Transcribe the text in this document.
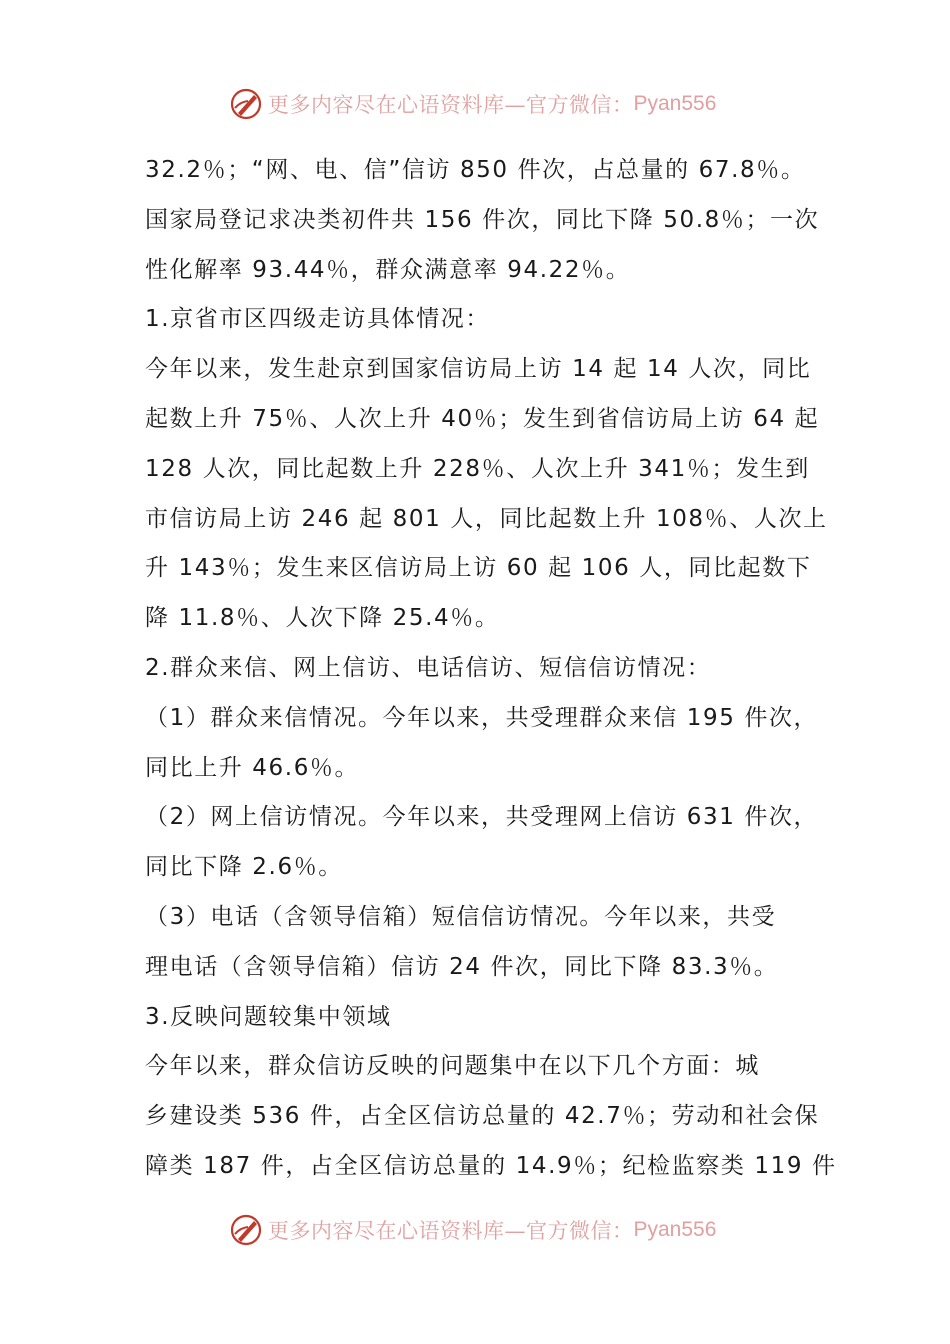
更多内容尽在心语资料库—官方微信： Pyan556
32.2％；“网、电、信”信访 850 件次，占总量的 67.8％。
国家局登记求决类初件共 156 件次，同比下降 50.8％；一次
性化解率 93.44％，群众满意率 94.22％。
1.京省市区四级走访具体情况：
今年以来，发生赴京到国家信访局上访 14 起 14 人次，同比
起数上升 75％、人次上升 40％；发生到省信访局上访 64 起
128 人次，同比起数上升 228％、人次上升 341％；发生到
市信访局上访 246 起 801 人，同比起数上升 108％、人次上
升 143％；发生来区信访局上访 60 起 106 人，同比起数下
降 11.8％、人次下降 25.4％。
2.群众来信、网上信访、电话信访、短信信访情况：
（1）群众来信情况。今年以来，共受理群众来信 195 件次，
同比上升 46.6％。
（2）网上信访情况。今年以来，共受理网上信访 631 件次，
同比下降 2.6％。
（3）电话（含领导信箱）短信信访情况。今年以来，共受
理电话（含领导信箱）信访 24 件次，同比下降 83.3％。
3.反映问题较集中领域
今年以来，群众信访反映的问题集中在以下几个方面：城
乡建设类 536 件，占全区信访总量的 42.7％；劳动和社会保
障类 187 件，占全区信访总量的 14.9％；纪检监察类 119 件
更多内容尽在心语资料库—官方微信： Pyan556
